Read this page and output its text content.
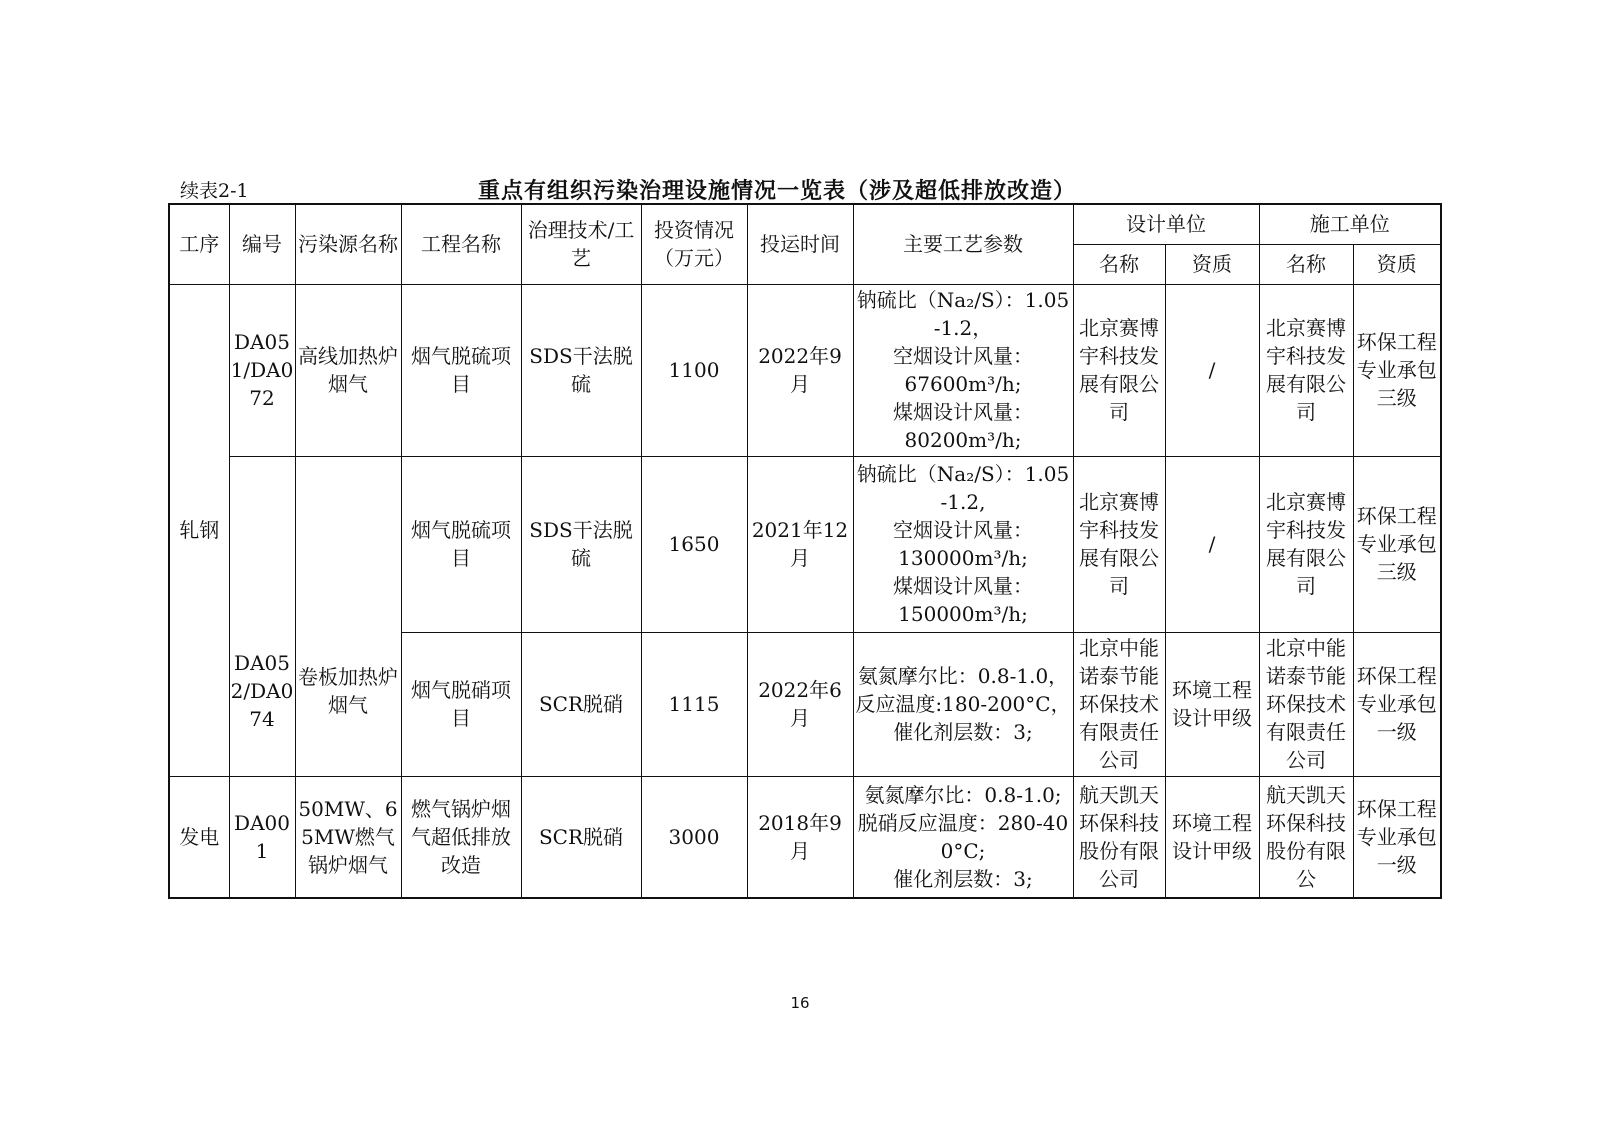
续表2-1	重点有组织污染治理设施情况一览表（涉及超低排放改造）
工序	编号	污染源名称	工程名称	治理技术/工艺	投资情况（万元）	投运时间	主要工艺参数	设计单位		施工单位	
								名称	资质	名称	资质
轧钢	DA051/DA072	高线加热炉烟气	烟气脱硫项目	SDS干法脱硫	1100	2022年9月	钠硫比（Na₂/S）：1.05-1.2，
空烟设计风量：
67600m³/h;
煤烟设计风量：
80200m³/h;	北京赛博宇科技发展有限公司	/	北京赛博宇科技发展有限公司	环保工程专业承包三级
	DA052/DA074	卷板加热炉烟气	烟气脱硫项目	SDS干法脱硫	1650	2021年12月	钠硫比（Na₂/S）：1.05-1.2,
空烟设计风量：
130000m³/h;
煤烟设计风量：
150000m³/h;	北京赛博宇科技发展有限公司	/	北京赛博宇科技发展有限公司	环保工程专业承包三级
			烟气脱硝项目	SCR脱硝	1115	2022年6月	氨氮摩尔比：0.8-1.0，
反应温度:180-200°C，
催化剂层数：3;	北京中能诺泰节能环保技术有限责任公司	环境工程设计甲级	北京中能诺泰节能环保技术有限责任公司	环保工程专业承包一级
发电	DA001	50MW、65MW燃气锅炉烟气	燃气锅炉烟气超低排放改造	SCR脱硝	3000	2018年9月	氨氮摩尔比：0.8-1.0;
脱硝反应温度：280-400°C;
催化剂层数：3;	航天凯天环保科技股份有限公司	环境工程设计甲级	航天凯天环保科技股份有限公	环保工程专业承包一级
16
